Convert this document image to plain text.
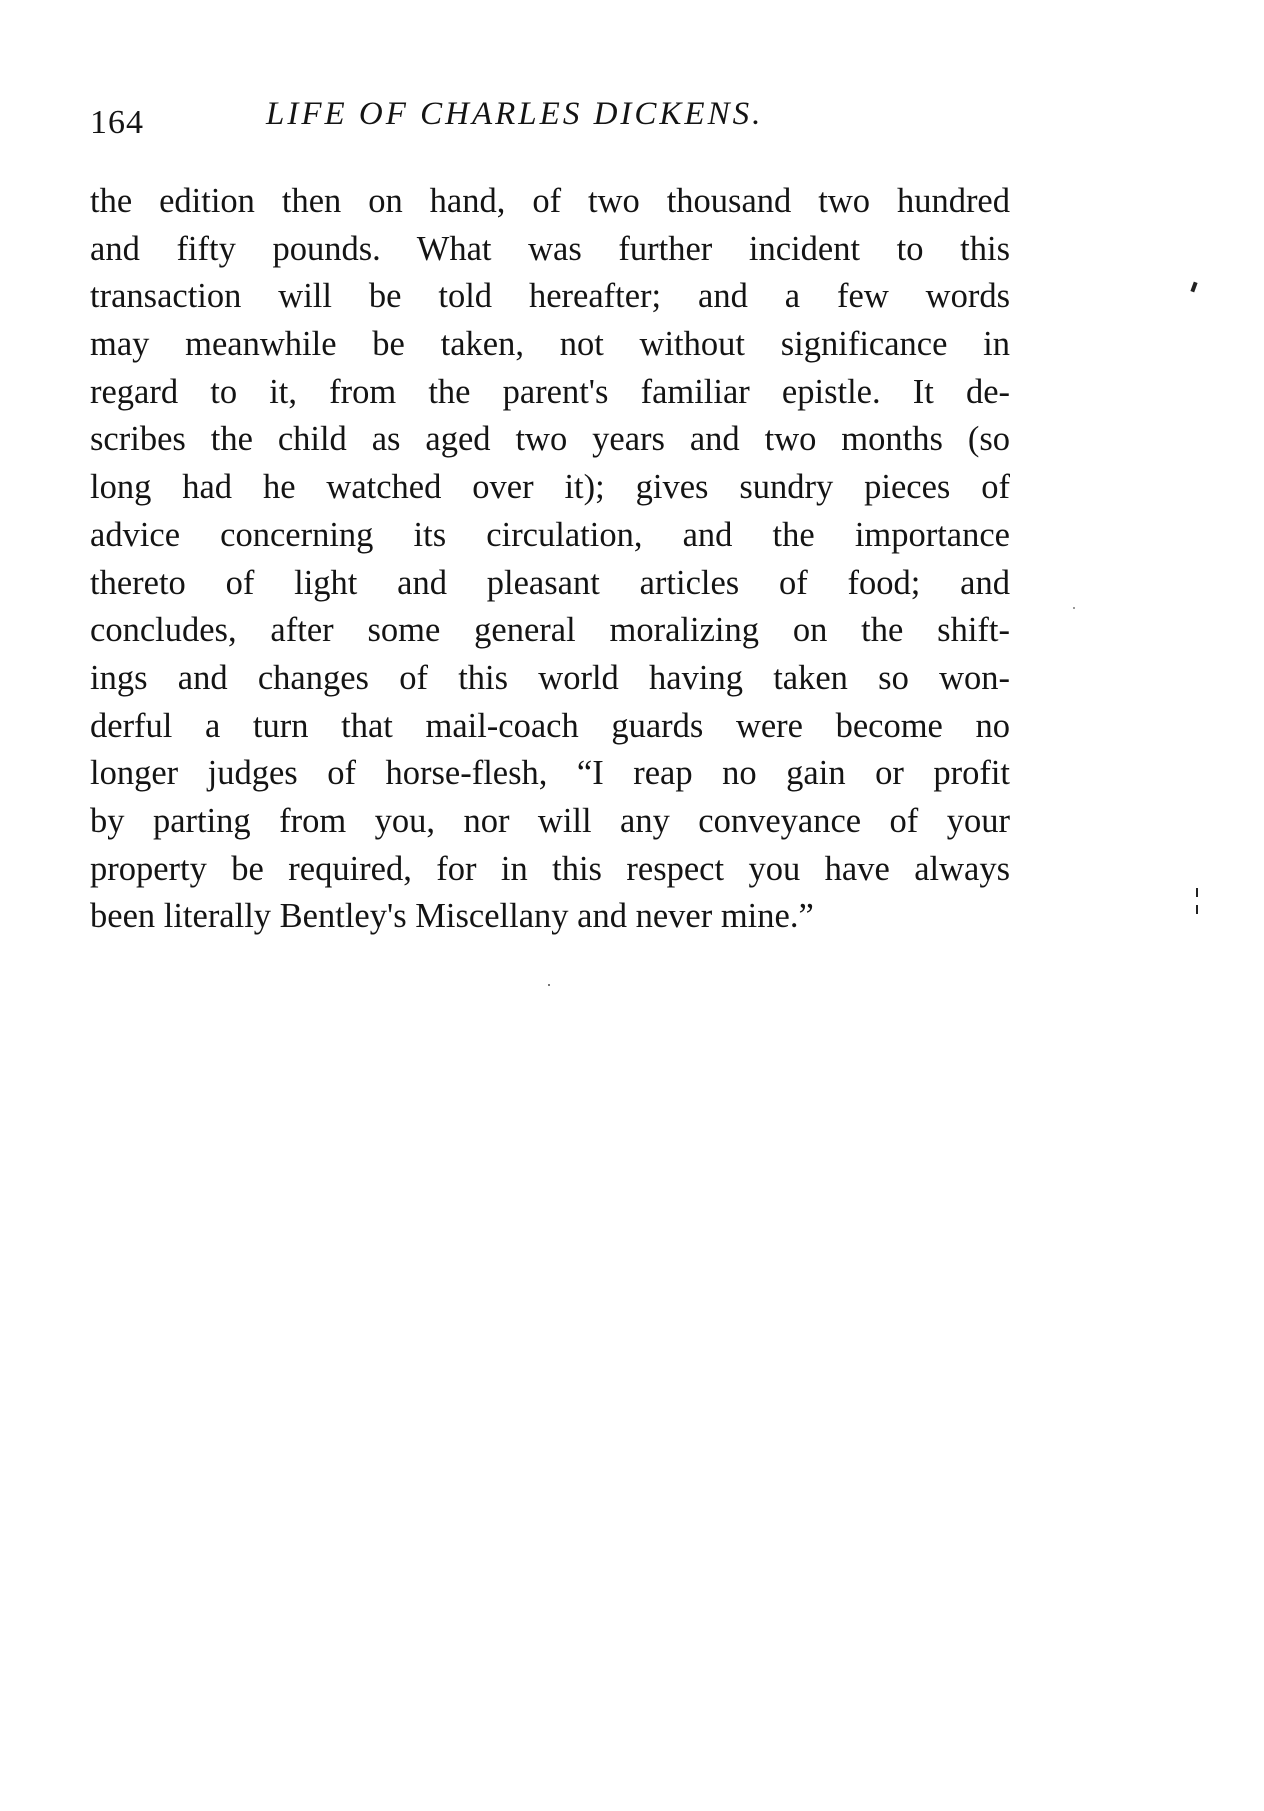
164	LIFE OF CHARLES DICKENS.
the edition then on hand, of two thousand two hundred
and fifty pounds. What was further incident to this
transaction will be told hereafter; and a few words
may meanwhile be taken, not without significance in
regard to it, from the parent's familiar epistle. It de-
scribes the child as aged two years and two months (so
long had he watched over it); gives sundry pieces of
advice concerning its circulation, and the importance
thereto of light and pleasant articles of food; and
concludes, after some general moralizing on the shift-
ings and changes of this world having taken so won-
derful a turn that mail-coach guards were become no
longer judges of horse-flesh, “I reap no gain or profit
by parting from you, nor will any conveyance of your
property be required, for in this respect you have always
been literally Bentley's Miscellany and never mine.”
